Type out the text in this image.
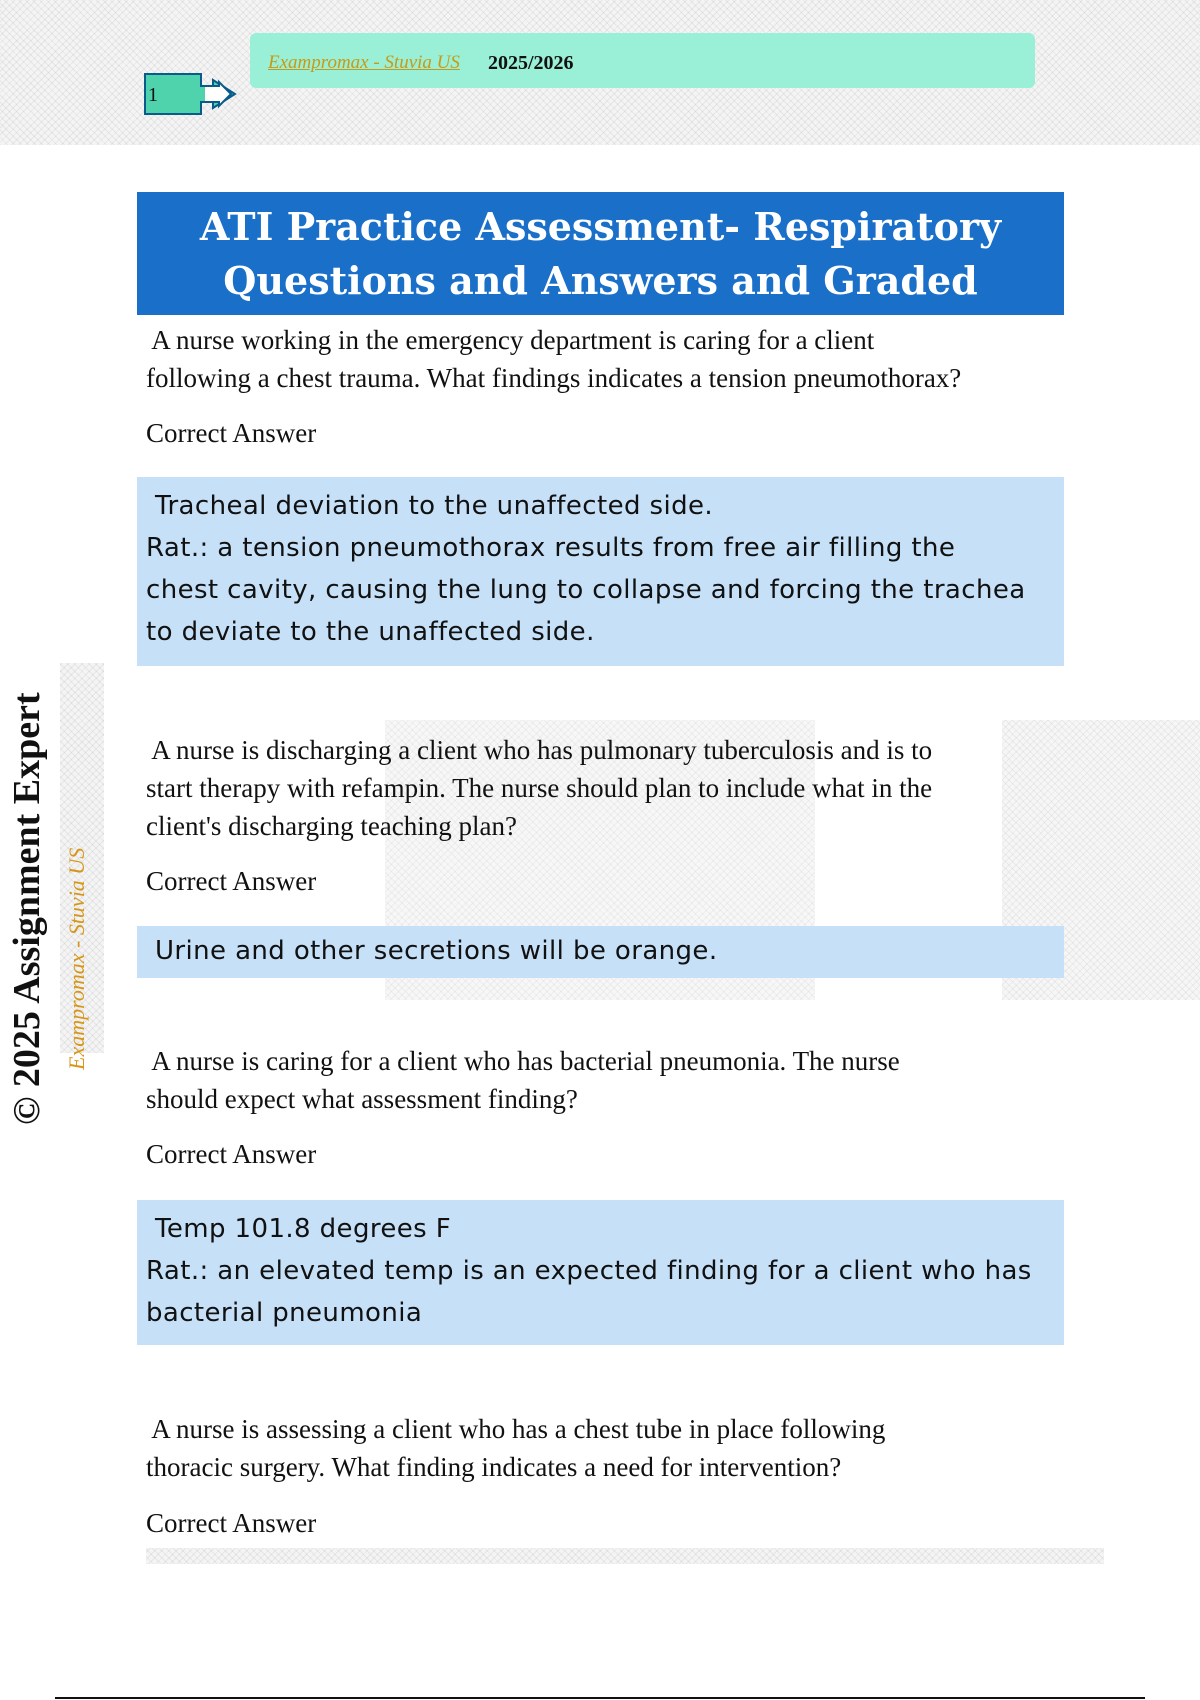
Exampromax - Stuvia US 2025/2026
1
© 2025 Assignment Expert Exampromax - Stuvia US
ATI Practice Assessment- Respiratory
Questions and Answers and Graded
A nurse working in the emergency department is caring for a client
following a chest trauma. What findings indicates a tension pneumothorax?
Correct Answer

Tracheal deviation to the unaffected side.

Rat.: a tension pneumothorax results from free air filling the

chest cavity, causing the lung to collapse and forcing the trachea

to deviate to the unaffected side.

A nurse is discharging a client who has pulmonary tuberculosis and is to
start therapy with refampin. The nurse should plan to include what in the
client's discharging teaching plan?
Correct Answer

Urine and other secretions will be orange.

A nurse is caring for a client who has bacterial pneumonia. The nurse
should expect what assessment finding?
Correct Answer

Temp 101.8 degrees F

Rat.: an elevated temp is an expected finding for a client who has

bacterial pneumonia

A nurse is assessing a client who has a chest tube in place following
thoracic surgery. What finding indicates a need for intervention?
Correct Answer
